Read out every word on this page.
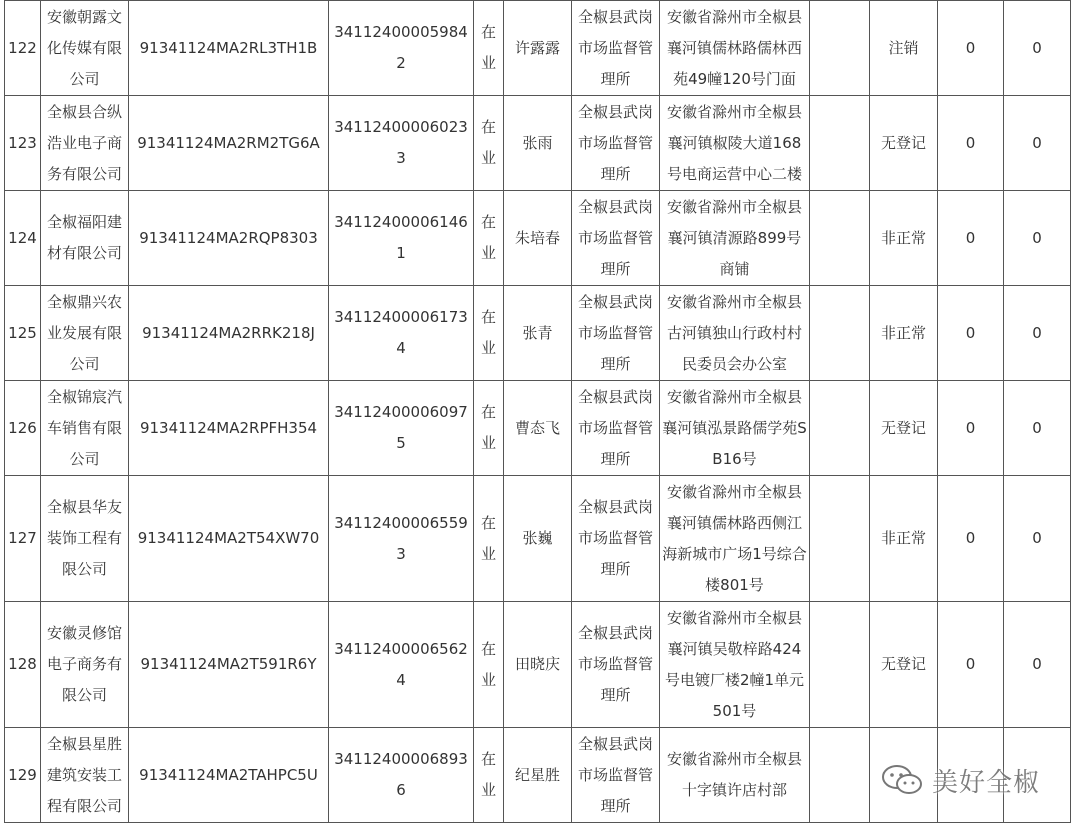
122	安徽朝露文化传媒有限公司	91341124MA2RL3TH1B	341124000059842	在业	许露露	全椒县武岗市场监督管理所	安徽省滁州市全椒县襄河镇儒林路儒林西苑49幢120号门面		注销	0	0
123	全椒县合纵浩业电子商务有限公司	91341124MA2RM2TG6A	341124000060233	在业	张雨	全椒县武岗市场监督管理所	安徽省滁州市全椒县襄河镇椒陵大道168号电商运营中心二楼		无登记	0	0
124	全椒福阳建材有限公司	91341124MA2RQP8303	341124000061461	在业	朱培春	全椒县武岗市场监督管理所	安徽省滁州市全椒县襄河镇清源路899号商铺		非正常	0	0
125	全椒鼎兴农业发展有限公司	91341124MA2RRK218J	341124000061734	在业	张青	全椒县武岗市场监督管理所	安徽省滁州市全椒县古河镇独山行政村村民委员会办公室		非正常	0	0
126	全椒锦宸汽车销售有限公司	91341124MA2RPFH354	341124000060975	在业	曹态飞	全椒县武岗市场监督管理所	安徽省滁州市全椒县襄河镇泓景路儒学苑SB16号		无登记	0	0
127	全椒县华友装饰工程有限公司	91341124MA2T54XW70	341124000065593	在业	张巍	全椒县武岗市场监督管理所	安徽省滁州市全椒县襄河镇儒林路西侧江海新城市广场1号综合楼801号		非正常	0	0
128	安徽灵修馆电子商务有限公司	91341124MA2T591R6Y	341124000065624	在业	田晓庆	全椒县武岗市场监督管理所	安徽省滁州市全椒县襄河镇吴敬梓路424号电镀厂楼2幢1单元501号		无登记	0	0
129	全椒县星胜建筑安装工程有限公司	91341124MA2TAHPC5U	341124000068936	在业	纪星胜	全椒县武岗市场监督管理所	安徽省滁州市全椒县十字镇许店村部					美好全椒
